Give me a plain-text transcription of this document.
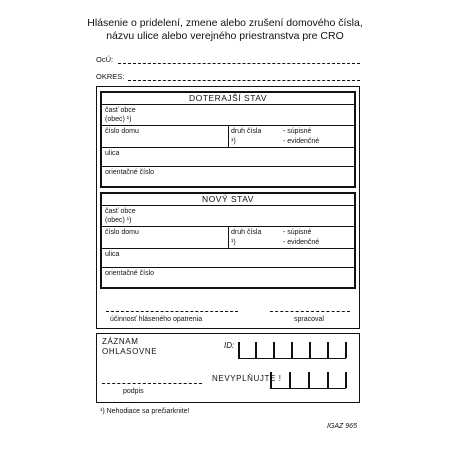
Hlásenie o pridelení, zmene alebo zrušení domového čísla,
názvu ulice alebo verejného priestranstva pre CRO
OcÚ:
OKRES:
DOTERAJŠÍ STAV
časť obce
(obec) ¹)
číslo domu	druh čísla
¹)
- súpisné
- evidenčné
ulica
orientačné číslo
NOVÝ STAV
časť obce
(obec) ¹)
číslo domu	druh čísla
¹)
- súpisné
- evidenčné
ulica
orientačné číslo
účinnosť hláseného opatrenia	spracoval
ZÁZNAM
OHLASOVNE
ID:
podpis
NEVYPLŇUJTE !
¹) Nehodiace sa prečiarknite!
IGAZ 965
